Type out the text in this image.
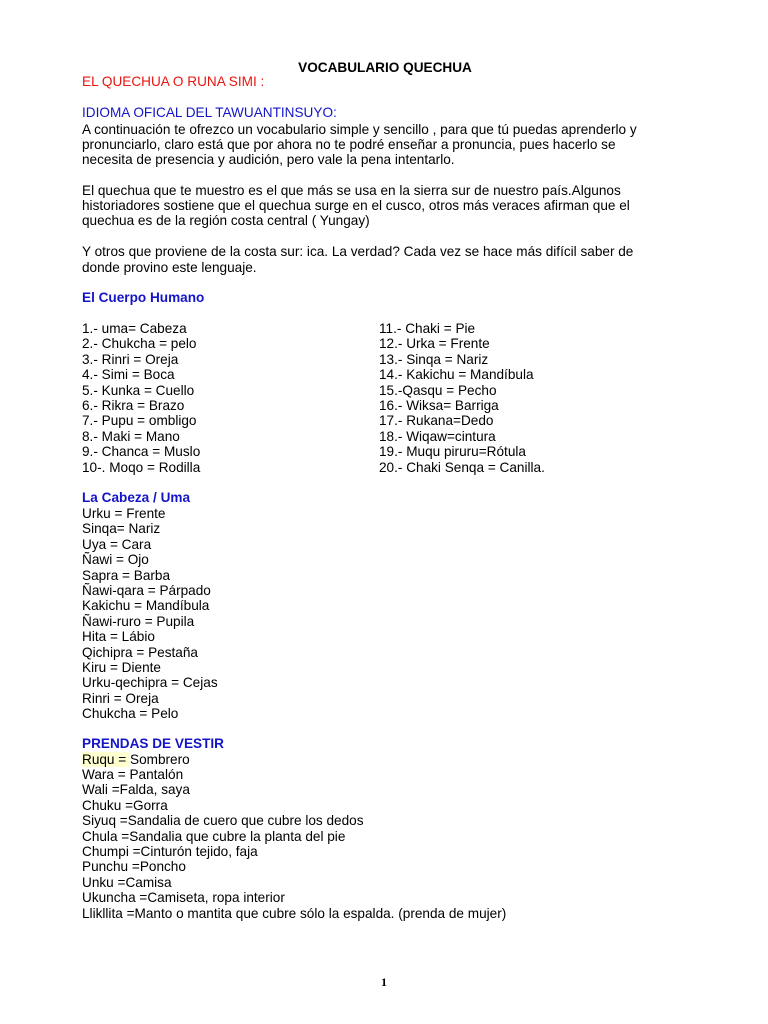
VOCABULARIO QUECHUA
EL QUECHUA O RUNA SIMI :
IDIOMA OFICAL DEL TAWUANTINSUYO:
A continuación te ofrezco un vocabulario simple y sencillo , para que tú puedas aprenderlo y
pronunciarlo, claro está que por ahora no te podré enseñar a pronuncia, pues hacerlo se
necesita de presencia y audición, pero vale la pena intentarlo.
El quechua que te muestro es el que más se usa en la sierra sur de nuestro país.Algunos
historiadores sostiene que el quechua surge en el cusco, otros más veraces afirman que el
quechua es de la región costa central ( Yungay)
Y otros que proviene de la costa sur: ica. La verdad? Cada vez se hace más difícil saber de
donde provino este lenguaje.
El Cuerpo Humano
1.- uma= Cabeza
2.- Chukcha = pelo
3.- Rinri = Oreja
4.- Simi = Boca
5.- Kunka = Cuello
6.- Rikra = Brazo
7.- Pupu = ombligo
8.- Maki = Mano
9.- Chanca = Muslo
10-. Moqo = Rodilla
11.- Chaki = Pie
12.- Urka = Frente
13.- Sinqa = Nariz
14.- Kakichu = Mandíbula
15.-Qasqu = Pecho
16.- Wiksa= Barriga
17.- Rukana=Dedo
18.- Wiqaw=cintura
19.- Muqu piruru=Rótula
20.- Chaki Senqa = Canilla.
La Cabeza / Uma
Urku = Frente
Sinqa= Nariz
Uya = Cara
Ñawi = Ojo
Sapra = Barba
Ñawi-qara = Párpado
Kakichu = Mandíbula
Ñawi-ruro = Pupila
Hita = Lábio
Qichipra = Pestaña
Kiru = Diente
Urku-qechipra = Cejas
Rinri = Oreja
Chukcha = Pelo
PRENDAS DE VESTIR
Ruqu = Sombrero
Wara = Pantalón
Wali =Falda, saya
Chuku =Gorra
Siyuq =Sandalia de cuero que cubre los dedos
Chula =Sandalia que cubre la planta del pie
Chumpi =Cinturón tejido, faja
Punchu =Poncho
Unku =Camisa
Ukuncha =Camiseta, ropa interior
Llikllita =Manto o mantita que cubre sólo la espalda. (prenda de mujer)
1
